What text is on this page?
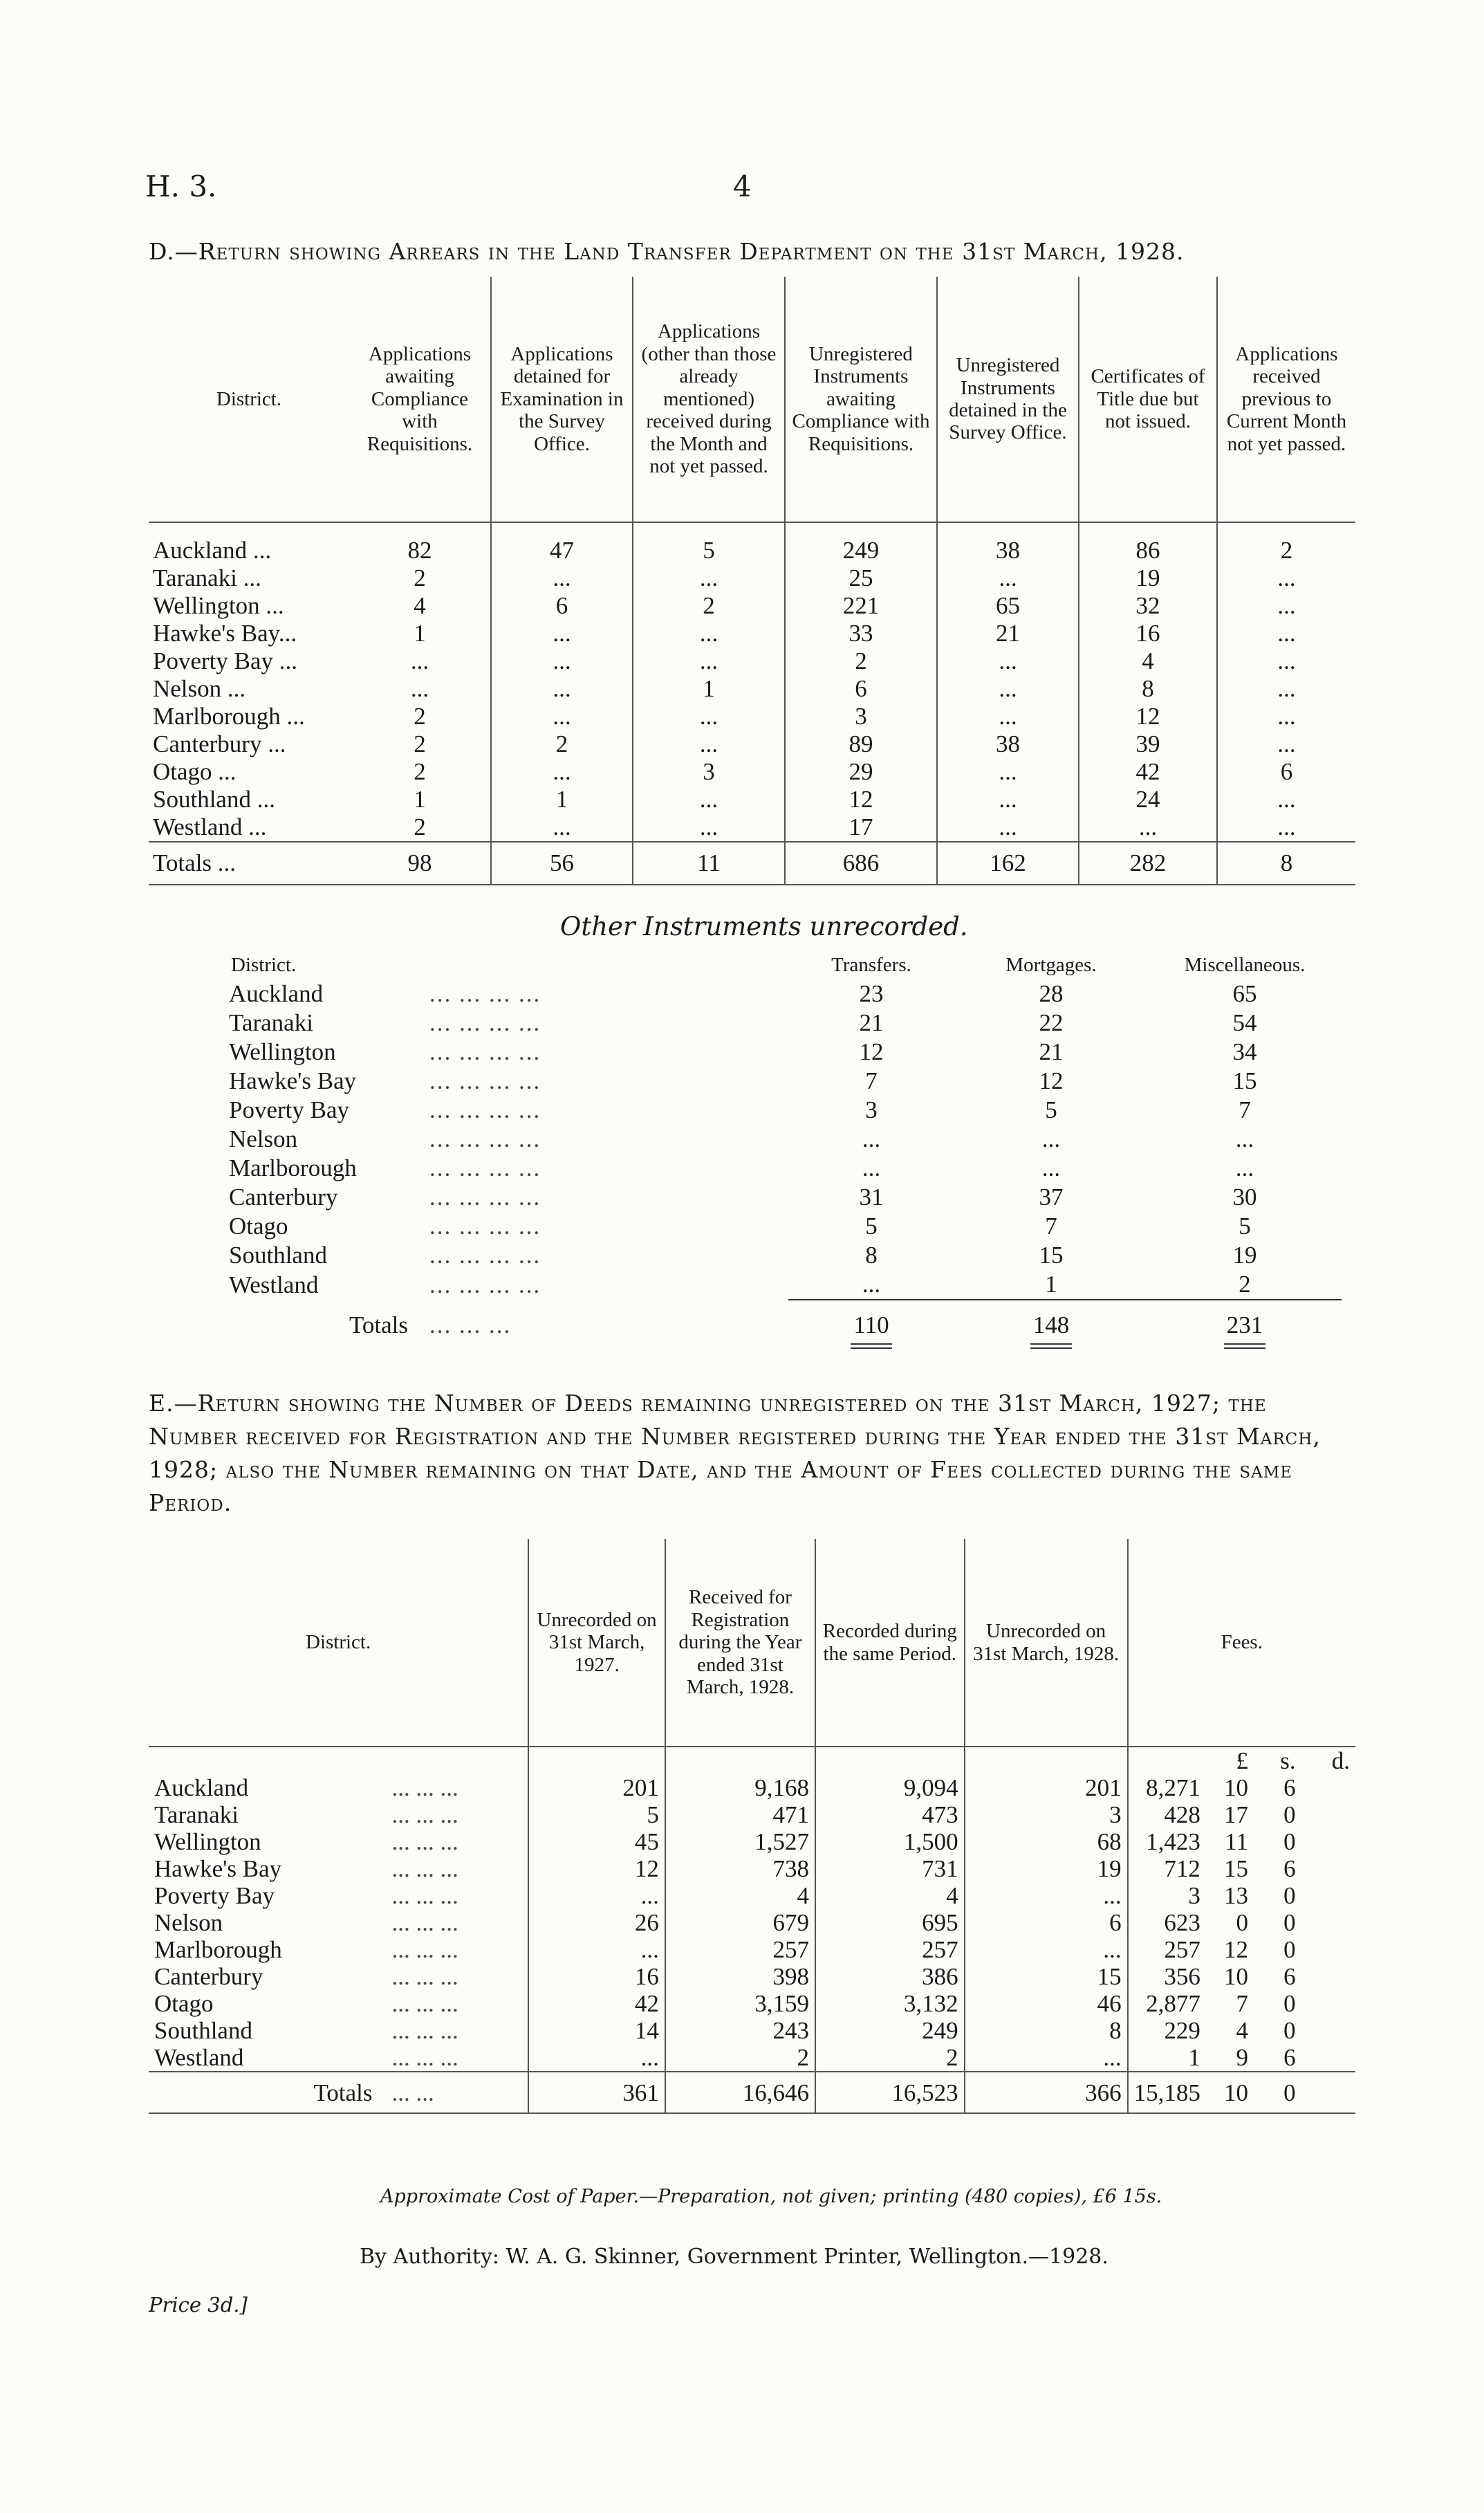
H. 3.	4
D.—Return showing Arrears in the Land Transfer Department on the 31st March, 1928.
District.	Applications awaiting Compliance with Requisitions.	Applications detained for Examination in the Survey Office.	Applications (other than those already mentioned) received during the Month and not yet passed.	Unregistered Instruments awaiting Compliance with Requisitions.	Unregistered Instruments detained in the Survey Office.	Certificates of Title due but not issued.	Applications received previous to Current Month not yet passed.
Auckland ...	82	47	5	249	38	86	2
Taranaki ...	2	...	...	25	...	19	...
Wellington ...	4	6	2	221	65	32	...
Hawke's Bay...	1	...	...	33	21	16	...
Poverty Bay ...	...	...	...	2	...	4	...
Nelson ...	...	...	1	6	...	8	...
Marlborough ...	2	...	...	3	...	12	...
Canterbury ...	2	2	...	89	38	39	...
Otago ...	2	...	3	29	...	42	6
Southland ...	1	1	...	12	...	24	...
Westland ...	2	...	...	17	...	...	...
Totals ...	98	56	11	686	162	282	8
Other Instruments unrecorded.
District.		Transfers.	Mortgages.	Miscellaneous.
Auckland	... ... ... ...	23	28	65
Taranaki	... ... ... ...	21	22	54
Wellington	... ... ... ...	12	21	34
Hawke's Bay	... ... ... ...	7	12	15
Poverty Bay	... ... ... ...	3	5	7
Nelson	... ... ... ...	...	...	...
Marlborough	... ... ... ...	...	...	...
Canterbury	... ... ... ...	31	37	30
Otago	... ... ... ...	5	7	5
Southland	... ... ... ...	8	15	19
Westland	... ... ... ...	...	1	2
Totals	... ... ...	110	148	231
E.—Return showing the Number of Deeds remaining unregistered on the 31st March, 1927; the Number received for Registration and the Number registered during the Year ended the 31st March, 1928; also the Number remaining on that Date, and the Amount of Fees collected during the same Period.
District.		Unrecorded on 31st March, 1927.	Received for Registration during the Year ended 31st March, 1928.	Recorded during the same Period.	Unrecorded on 31st March, 1928.	Fees.			
							£	s.	d.
Auckland	... ... ...	201	9,168	9,094	201	8,271	10	6	
Taranaki	... ... ...	5	471	473	3	428	17	0	
Wellington	... ... ...	45	1,527	1,500	68	1,423	11	0	
Hawke's Bay	... ... ...	12	738	731	19	712	15	6	
Poverty Bay	... ... ...	...	4	4	...	3	13	0	
Nelson	... ... ...	26	679	695	6	623	0	0	
Marlborough	... ... ...	...	257	257	...	257	12	0	
Canterbury	... ... ...	16	398	386	15	356	10	6	
Otago	... ... ...	42	3,159	3,132	46	2,877	7	0	
Southland	... ... ...	14	243	249	8	229	4	0	
Westland	... ... ...	...	2	2	...	1	9	6	
Totals	... ...	361	16,646	16,523	366	15,185	10	0	
Approximate Cost of Paper.—Preparation, not given; printing (480 copies), £6 15s.
By Authority: W. A. G. Skinner, Government Printer, Wellington.—1928.
Price 3d.]
